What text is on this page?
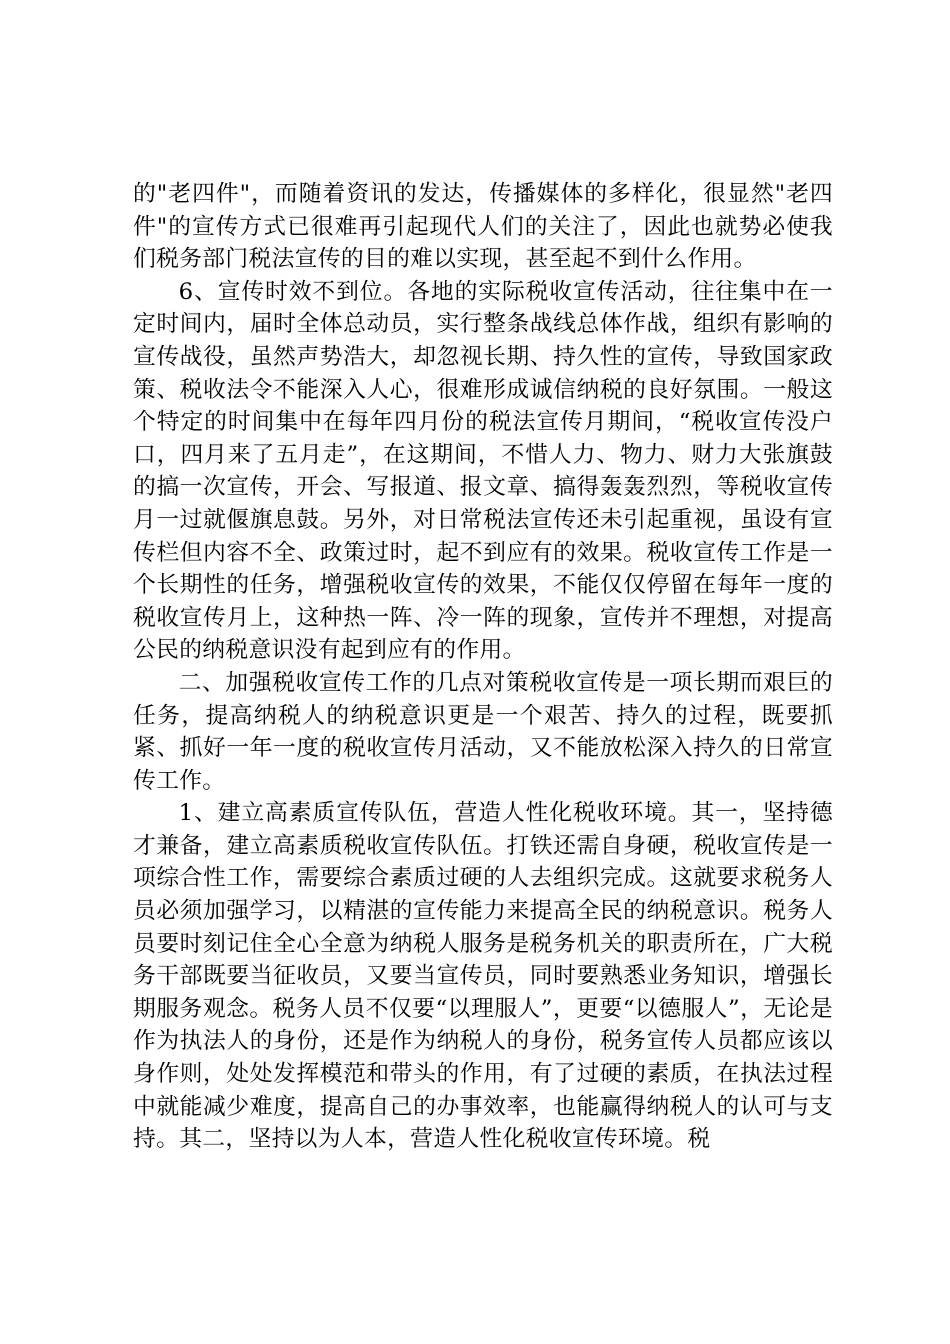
的"老四件"，而随着资讯的发达，传播媒体的多样化，很显然"老四件"的宣传方式已很难再引起现代人们的关注了，因此也就势必使我们税务部门税法宣传的目的难以实现，甚至起不到什么作用。

6、宣传时效不到位。各地的实际税收宣传活动，往往集中在一定时间内，届时全体总动员，实行整条战线总体作战，组织有影响的宣传战役，虽然声势浩大，却忽视长期、持久性的宣传，导致国家政策、税收法令不能深入人心，很难形成诚信纳税的良好氛围。一般这个特定的时间集中在每年四月份的税法宣传月期间，“税收宣传没户口，四月来了五月走”，在这期间，不惜人力、物力、财力大张旗鼓的搞一次宣传，开会、写报道、报文章、搞得轰轰烈烈，等税收宣传月一过就偃旗息鼓。另外，对日常税法宣传还未引起重视，虽设有宣传栏但内容不全、政策过时，起不到应有的效果。税收宣传工作是一个长期性的任务，增强税收宣传的效果，不能仅仅停留在每年一度的税收宣传月上，这种热一阵、冷一阵的现象，宣传并不理想，对提高公民的纳税意识没有起到应有的作用。

二、加强税收宣传工作的几点对策税收宣传是一项长期而艰巨的任务，提高纳税人的纳税意识更是一个艰苦、持久的过程，既要抓紧、抓好一年一度的税收宣传月活动，又不能放松深入持久的日常宣传工作。

1、建立高素质宣传队伍，营造人性化税收环境。其一，坚持德才兼备，建立高素质税收宣传队伍。打铁还需自身硬，税收宣传是一项综合性工作，需要综合素质过硬的人去组织完成。这就要求税务人员必须加强学习，以精湛的宣传能力来提高全民的纳税意识。税务人员要时刻记住全心全意为纳税人服务是税务机关的职责所在，广大税务干部既要当征收员，又要当宣传员，同时要熟悉业务知识，增强长期服务观念。税务人员不仅要“以理服人”，更要“以德服人”，无论是作为执法人的身份，还是作为纳税人的身份，税务宣传人员都应该以身作则，处处发挥模范和带头的作用，有了过硬的素质，在执法过程中就能减少难度，提高自己的办事效率，也能赢得纳税人的认可与支持。其二，坚持以为人本，营造人性化税收宣传环境。税
